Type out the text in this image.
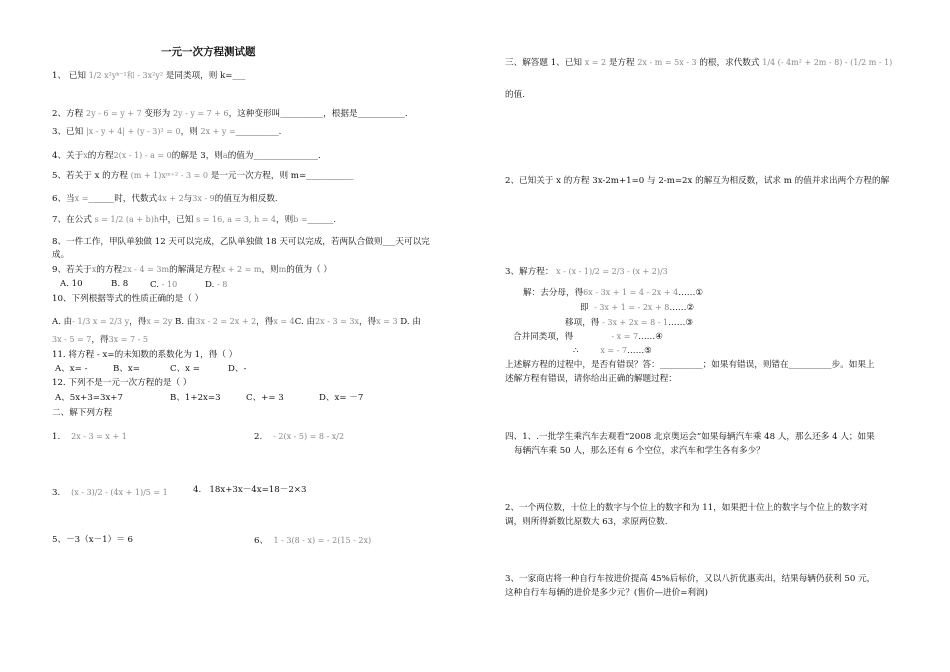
一元一次方程测试题
1、 已知 1/2 x²yᵏ⁻¹和 - 3x²y² 是同类项，则 k=___
2、方程 2y - 6 = y + 7 变形为 2y - y = 7 + 6，这种变形叫__________，根据是___________.
3、已知 |x - y + 4| + (y - 3)² = 0，则 2x + y =__________.
4、关于x的方程2(x - 1) - a = 0的解是 3，则a的值为_______________.
5、若关于 x 的方程 (m + 1)xᵐ⁺² - 3 = 0 是一元一次方程，则 m=___________
6、当x =______时，代数式4x + 2与3x - 9的值互为相反数.
7、在公式 s = 1/2 (a + b)h中，已知 s = 16, a = 3, h = 4，则b =______.
8、一件工作，甲队单独做 12 天可以完成，乙队单独做 18 天可以完成，若两队合做则___天可以完
成。
9、若关于x的方程2x - 4 = 3m的解满足方程x + 2 = m，则m的值为（ ）
A. 10	B. 8	C. - 10	D. - 8
10、下列根据等式的性质正确的是（ ）
A. 由- 1/3 x = 2/3 y，得x = 2y B. 由3x - 2 = 2x + 2，得x = 4C. 由2x - 3 = 3x，得x = 3 D. 由
3x - 5 = 7，得3x = 7 - 5
11. 将方程 - x=的未知数的系数化为 1，得（ ）
A、x= -	B、x=	C、x =	D、-
12. 下列不是一元一次方程的是（ ）
A、5x+3=3x+7	B、1+2x=3	C、+= 3	D、x= －7
二、解下列方程
1. 2x - 3 = x + 1	2. - 2(x - 5) = 8 - x/2
3. (x - 3)/2 - (4x + 1)/5 = 1	4. 18x+3x－4x=18－2×3
5、－3（x－1）＝ 6	6、 1 - 3(8 - x) = - 2(15 - 2x)
三、解答题 1、已知 x = 2 是方程 2x - m = 5x - 3 的根，求代数式 1/4 (- 4m² + 2m - 8) - (1/2 m - 1)
的值.
2、已知关于 x 的方程 3x-2m+1=0 与 2-m=2x 的解互为相反数，试求 m 的值并求出两个方程的解
3、解方程： x - (x - 1)/2 = 2/3 - (x + 2)/3
解：去分母，得6x - 3x + 1 = 4 - 2x + 4……①
即 - 3x + 1 = - 2x + 8……②
移项，得 - 3x + 2x = 8 - 1……③
合并同类项，得	- x = 7……④
∴	x = - 7……⑤
上述解方程的过程中，是否有错误？答：__________；如果有错误，则错在__________步。如果上
述解方程有错误，请你给出正确的解题过程：
四、1、.一批学生乘汽车去观看“2008 北京奥运会”如果每辆汽车乘 48 人，那么还多 4 人；如果
每辆汽车乘 50 人，那么还有 6 个空位，求汽车和学生各有多少？
2、一个两位数，十位上的数字与个位上的数字和为 11，如果把十位上的数字与个位上的数字对
调，则所得新数比原数大 63，求原两位数.
3、一家商店将一种自行车按进价提高 45%后标价，又以八折优惠卖出，结果每辆仍获利 50 元，
这种自行车每辆的进价是多少元？(售价—进价=利润)
